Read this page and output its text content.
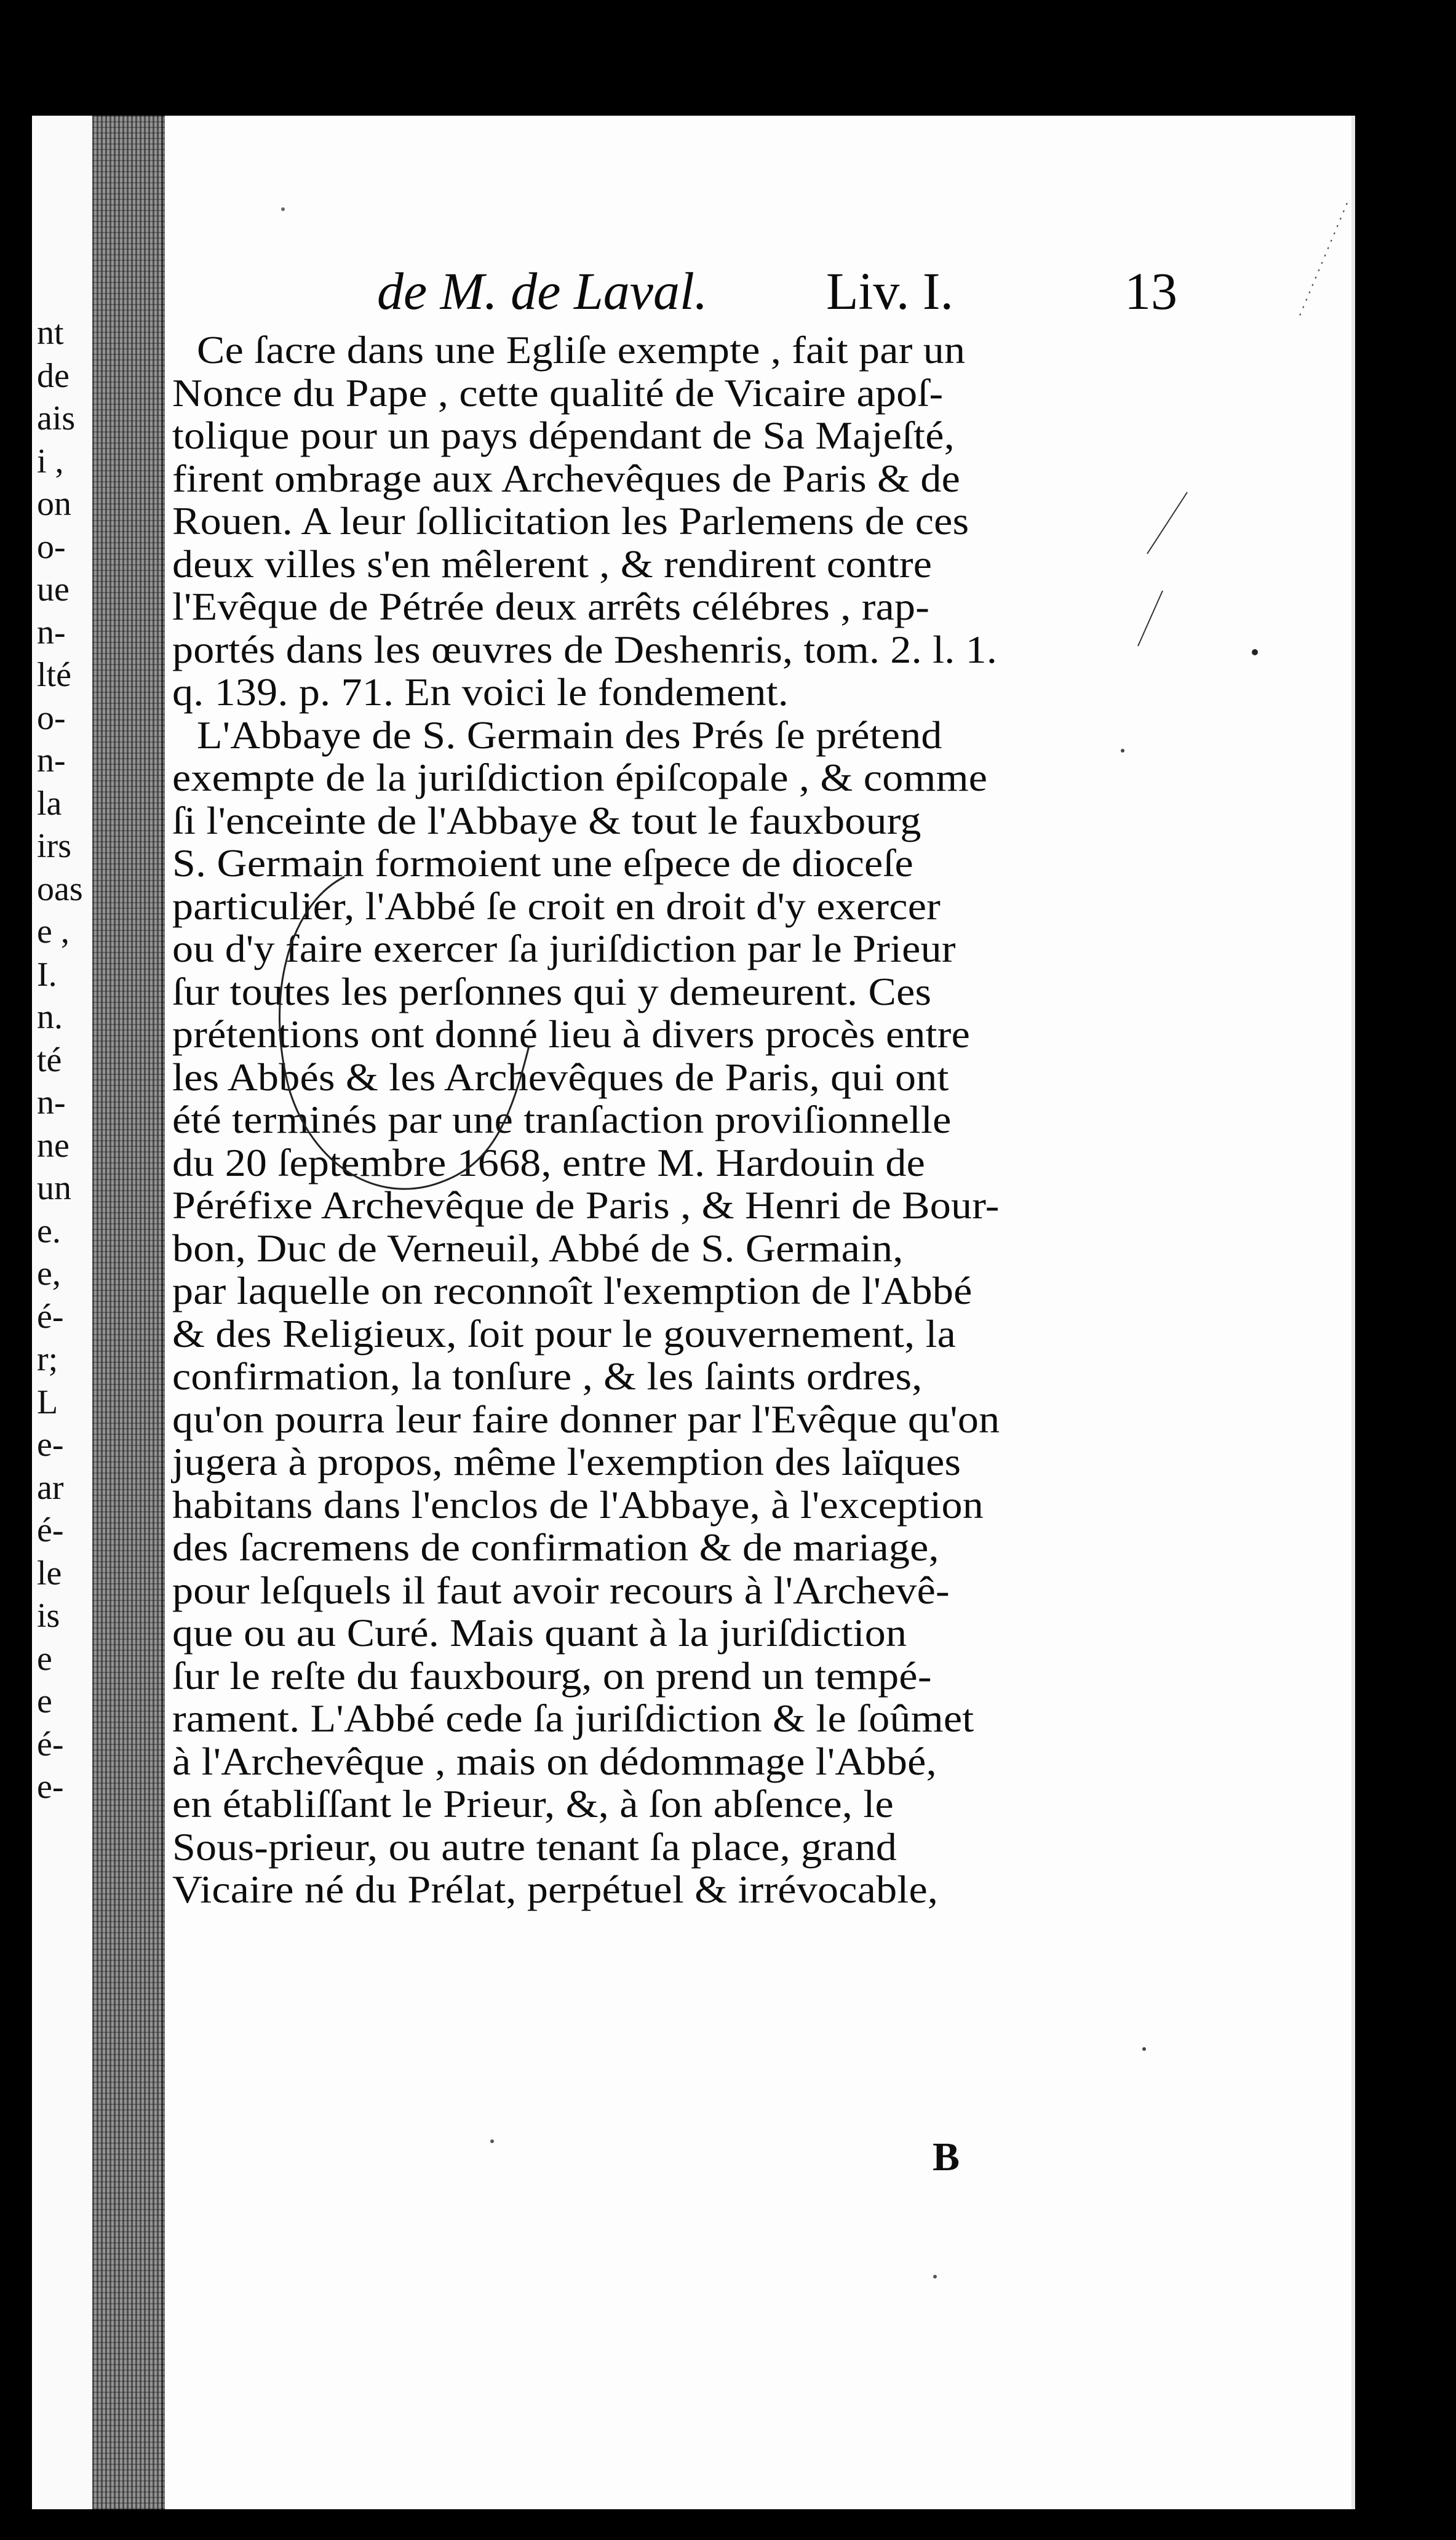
nt
de
ais
i ,
on
o-
ue
n-
lté
o-
n-
la
irs
oas
e ,
I.
n.
té
n-
ne
un
e.
e,
é-
r;
L
e-
ar
é-
le
is
e
e
é-
e-
de M. de Laval. Liv. I.	13
Ce ſacre dans une Egliſe exempte , fait par un
Nonce du Pape , cette qualité de Vicaire apoſ-
tolique pour un pays dépendant de Sa Majeſté,
firent ombrage aux Archevêques de Paris & de
Rouen. A leur ſollicitation les Parlemens de ces
deux villes s'en mêlerent , & rendirent contre
l'Evêque de Pétrée deux arrêts célébres , rap-
portés dans les œuvres de Deshenris, tom. 2. l. 1.
q. 139. p. 71. En voici le fondement.
L'Abbaye de S. Germain des Prés ſe prétend
exempte de la juriſdiction épiſcopale , & comme
ſi l'enceinte de l'Abbaye & tout le fauxbourg
S. Germain formoient une eſpece de dioceſe
particulier, l'Abbé ſe croit en droit d'y exercer
ou d'y faire exercer ſa juriſdiction par le Prieur
ſur toutes les perſonnes qui y demeurent. Ces
prétentions ont donné lieu à divers procès entre
les Abbés & les Archevêques de Paris, qui ont
été terminés par une tranſaction proviſionnelle
du 20 ſeptembre 1668, entre M. Hardouin de
Péréfixe Archevêque de Paris , & Henri de Bour-
bon, Duc de Verneuil, Abbé de S. Germain,
par laquelle on reconnoît l'exemption de l'Abbé
& des Religieux, ſoit pour le gouvernement, la
confirmation, la tonſure , & les ſaints ordres,
qu'on pourra leur faire donner par l'Evêque qu'on
jugera à propos, même l'exemption des laïques
habitans dans l'enclos de l'Abbaye, à l'exception
des ſacremens de confirmation & de mariage,
pour leſquels il faut avoir recours à l'Archevê-
que ou au Curé. Mais quant à la juriſdiction
ſur le reſte du fauxbourg, on prend un tempé-
rament. L'Abbé cede ſa juriſdiction & le ſoûmet
à l'Archevêque , mais on dédommage l'Abbé,
en établiſſant le Prieur, &, à ſon abſence, le
Sous-prieur, ou autre tenant ſa place, grand
Vicaire né du Prélat, perpétuel & irrévocable,
B
